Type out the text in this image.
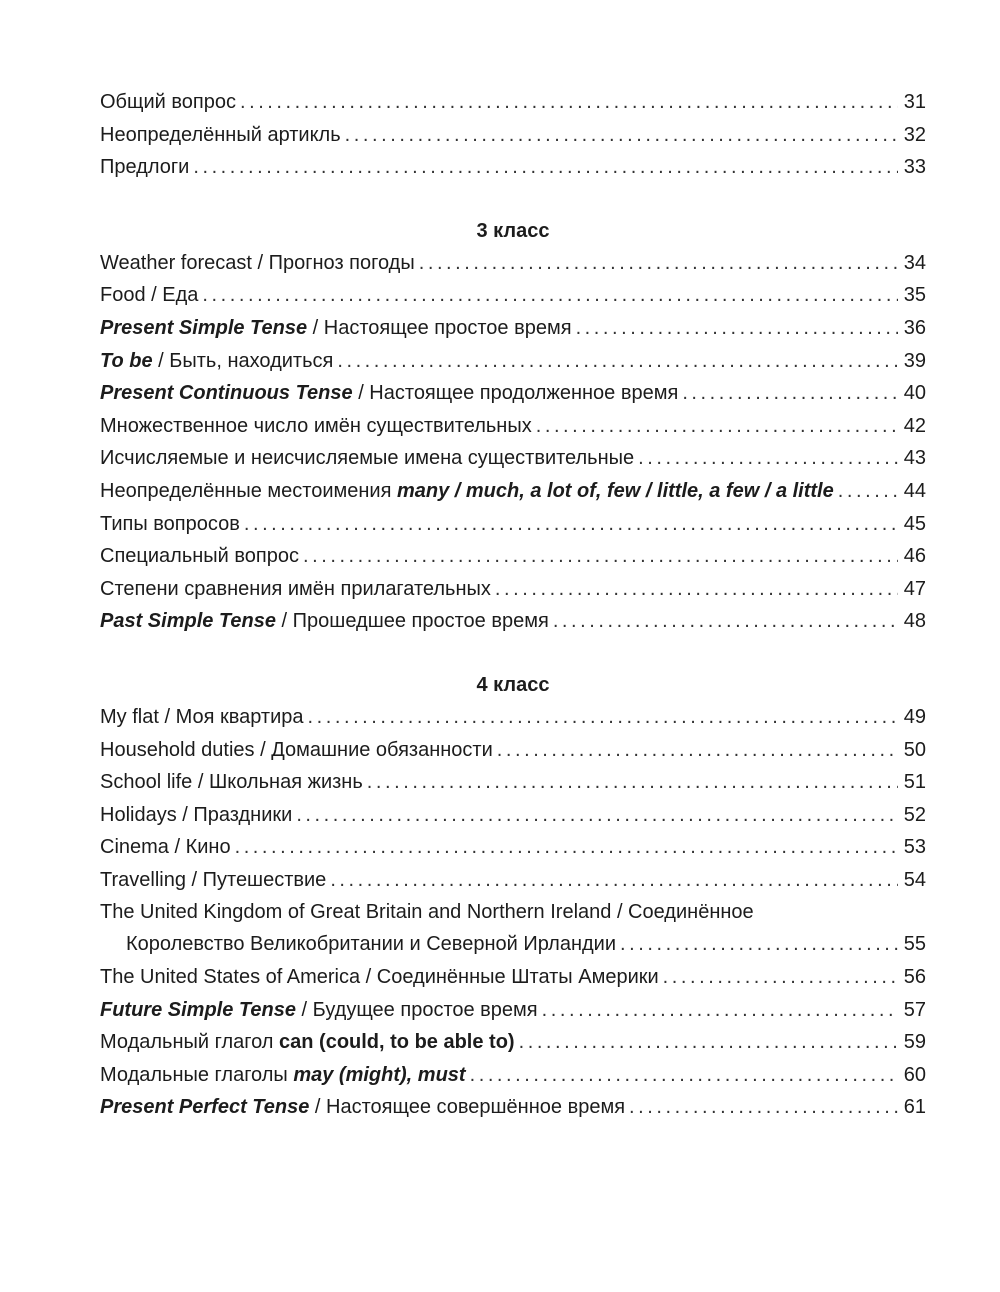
Общий вопрос . . .	31
Неопределённый артикль . . .	32
Предлоги . . .	33
3 класс
Weather forecast / Прогноз погоды . . .	34
Food / Еда . . .	35
Present Simple Tense / Настоящее простое время . . .	36
To be / Быть, находиться . . .	39
Present Continuous Tense / Настоящее продолженное время . . .	40
Множественное число имён существительных . . .	42
Исчисляемые и неисчисляемые имена существительные . . .	43
Неопределённые местоимения many / much, a lot of, few / little, a few / a little . . .	44
Типы вопросов . . .	45
Специальный вопрос . . .	46
Степени сравнения имён прилагательных . . .	47
Past Simple Tense / Прошедшее простое время . . .	48
4 класс
My flat / Моя квартира . . .	49
Household duties / Домашние обязанности . . .	50
School life / Школьная жизнь . . .	51
Holidays / Праздники . . .	52
Cinema / Кино . . .	53
Travelling / Путешествие . . .	54
The United Kingdom of Great Britain and Northern Ireland / Соединённое
Королевство Великобритании и Северной Ирландии . . .	55
The United States of America / Соединённые Штаты Америки . . .	56
Future Simple Tense / Будущее простое время . . .	57
Модальный глагол can (could, to be able to) . . .	59
Модальные глаголы may (might), must . . .	60
Present Perfect Tense / Настоящее совершённое время . . .	61
